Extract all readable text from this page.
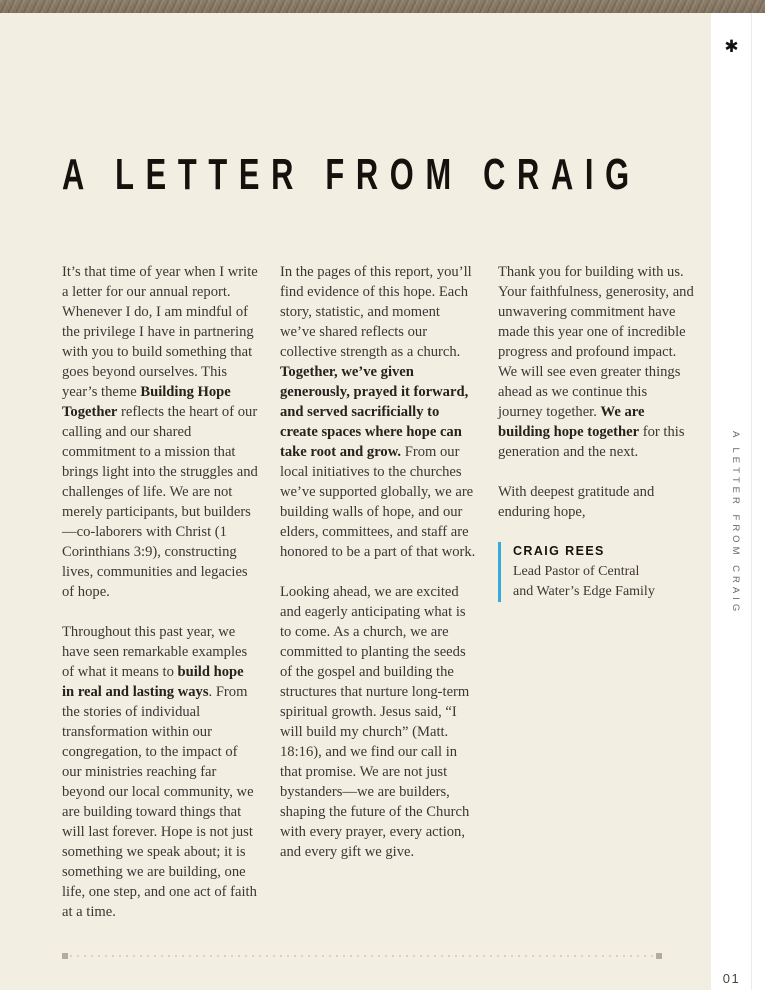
A LETTER FROM CRAIG

It’s that time of year when I write a letter for our annual report. Whenever I do, I am mindful of the privilege I have in partnering with you to build something that goes beyond ourselves. This year’s theme Building Hope Together reflects the heart of our calling and our shared commitment to a mission that brings light into the struggles and challenges of life. We are not merely participants, but builders—co-laborers with Christ (1 Corinthians 3:9), constructing lives, communities and legacies of hope.

Throughout this past year, we have seen remarkable examples of what it means to build hope in real and lasting ways. From the stories of individual transformation within our congregation, to the impact of our ministries reaching far beyond our local community, we are building toward things that will last forever. Hope is not just something we speak about; it is something we are building, one life, one step, and one act of faith at a time.

In the pages of this report, you’ll find evidence of this hope. Each story, statistic, and moment we’ve shared reflects our collective strength as a church. Together, we’ve given generously, prayed it forward, and served sacrificially to create spaces where hope can take root and grow. From our local initiatives to the churches we’ve supported globally, we are building walls of hope, and our elders, committees, and staff are honored to be a part of that work.

Looking ahead, we are excited and eagerly anticipating what is to come. As a church, we are committed to planting the seeds of the gospel and building the structures that nurture long-term spiritual growth. Jesus said, “I will build my church” (Matt. 18:16), and we find our call in that promise. We are not just bystanders—we are builders, shaping the future of the Church with every prayer, every action, and every gift we give.

Thank you for building with us. Your faithfulness, generosity, and unwavering commitment have made this year one of incredible progress and profound impact. We will see even greater things ahead as we continue this journey together. We are building hope together for this generation and the next.

With deepest gratitude and enduring hope,

CRAIG REES
Lead Pastor of Central
and Water’s Edge Family
✱
A LETTER FROM CRAIG
01
